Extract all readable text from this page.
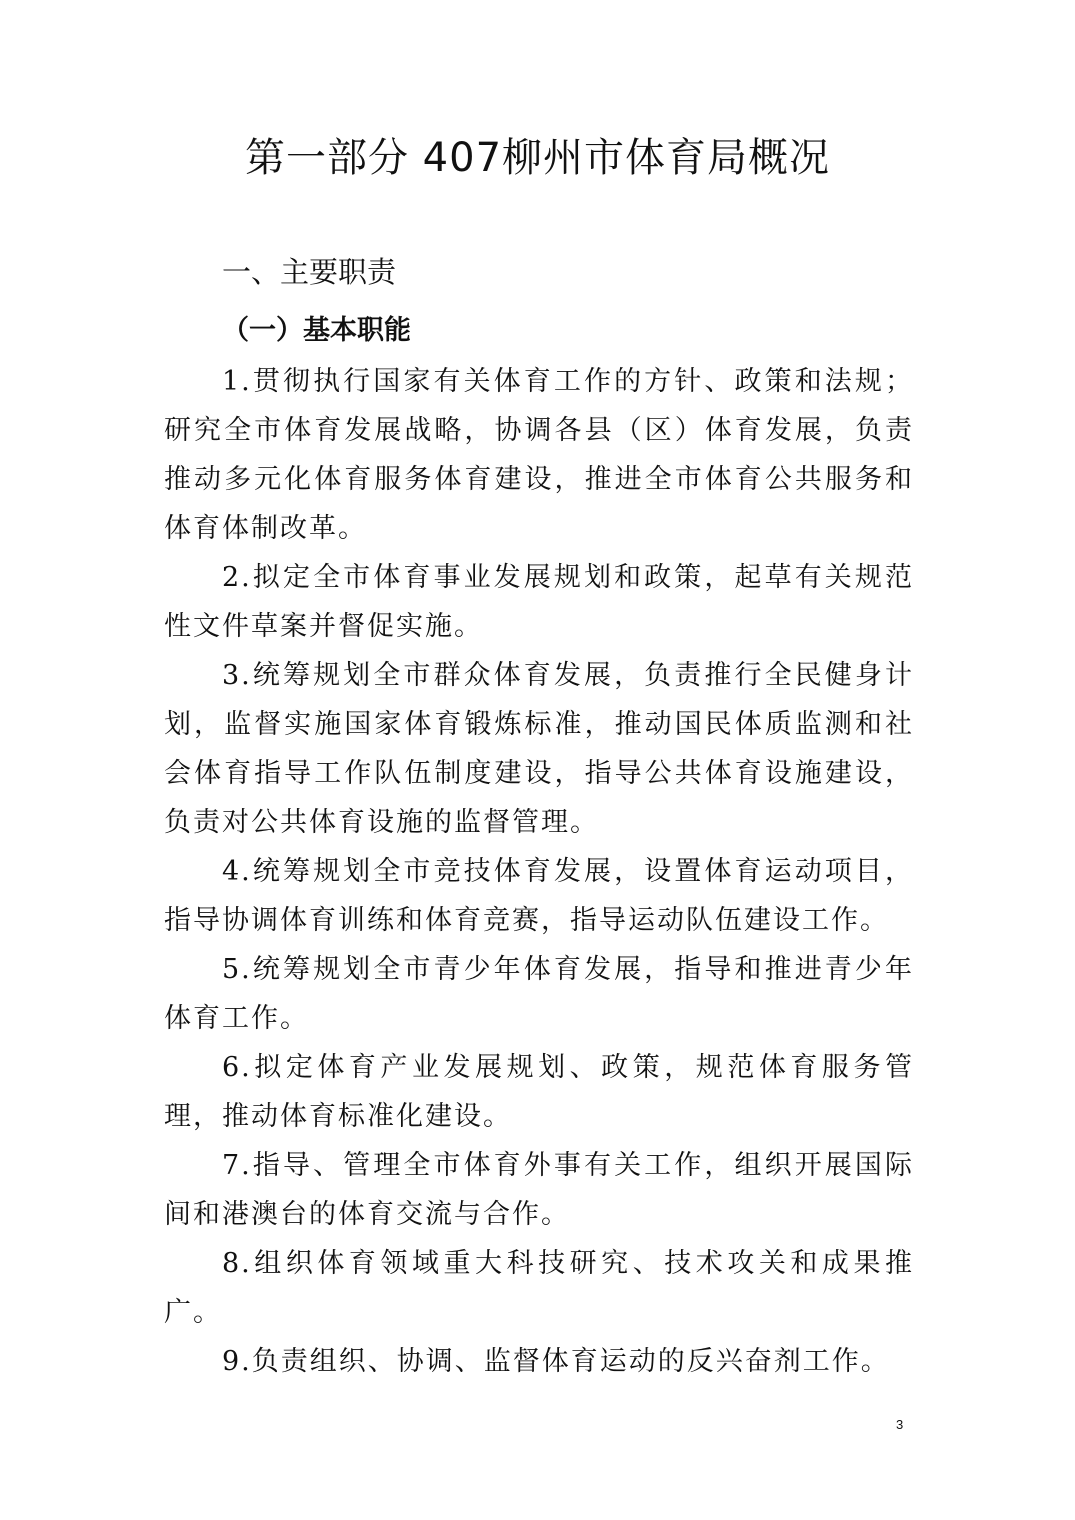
第一部分 407柳州市体育局概况
一、主要职责
（一）基本职能

1.贯彻执行国家有关体育工作的方针、政策和法规；研究全市体育发展战略，协调各县（区）体育发展，负责推动多元化体育服务体育建设，推进全市体育公共服务和体育体制改革。

2.拟定全市体育事业发展规划和政策，起草有关规范性文件草案并督促实施。

3.统筹规划全市群众体育发展，负责推行全民健身计划，监督实施国家体育锻炼标准，推动国民体质监测和社会体育指导工作队伍制度建设，指导公共体育设施建设，负责对公共体育设施的监督管理。

4.统筹规划全市竞技体育发展，设置体育运动项目，指导协调体育训练和体育竞赛，指导运动队伍建设工作。

5.统筹规划全市青少年体育发展，指导和推进青少年体育工作。

6.拟定体育产业发展规划、政策，规范体育服务管理，推动体育标准化建设。

7.指导、管理全市体育外事有关工作，组织开展国际间和港澳台的体育交流与合作。

8.组织体育领域重大科技研究、技术攻关和成果推广。

9.负责组织、协调、监督体育运动的反兴奋剂工作。

3
